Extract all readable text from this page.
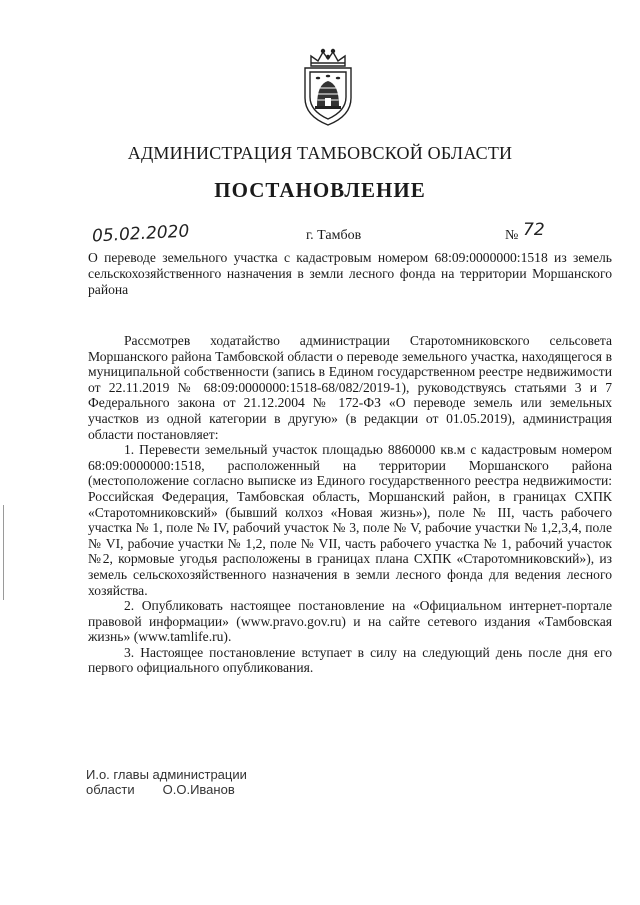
АДМИНИСТРАЦИЯ ТАМБОВСКОЙ ОБЛАСТИ
ПОСТАНОВЛЕНИЕ
05.02.2020	г. Тамбов	№ 72
О переводе земельного участка с кадастровым номером 68:09:0000000:1518 из земель сельскохозяйственного назначения в земли лесного фонда на территории Моршанского района

Рассмотрев ходатайство администрации Старотомниковского сельсовета Моршанского района Тамбовской области о переводе земельного участка, находящегося в муниципальной собственности (запись в Едином государственном реестре недвижимости от 22.11.2019 № 68:09:0000000:1518-68/082/2019-1), руководствуясь статьями 3 и 7 Федерального закона от 21.12.2004 № 172-ФЗ «О переводе земель или земельных участков из одной категории в другую» (в редакции от 01.05.2019), администрация области постановляет:

1. Перевести земельный участок площадью 8860000 кв.м с кадастровым номером 68:09:0000000:1518, расположенный на территории Моршанского района (местоположение согласно выписке из Единого государственного реестра недвижимости: Российская Федерация, Тамбовская область, Моршанский район, в границах СХПК «Старотомниковский» (бывший колхоз «Новая жизнь»), поле № III, часть рабочего участка № 1, поле № IV, рабочий участок № 3, поле № V, рабочие участки № 1,2,3,4, поле № VI, рабочие участки № 1,2, поле № VII, часть рабочего участка № 1, рабочий участок №2, кормовые угодья расположены в границах плана СХПК «Старотомниковский»), из земель сельскохозяйственного назначения в земли лесного фонда для ведения лесного хозяйства.

2. Опубликовать настоящее постановление на «Официальном интернет-портале правовой информации» (www.pravo.gov.ru) и на сайте сетевого издания «Тамбовская жизнь» (www.tamlife.ru).

3. Настоящее постановление вступает в силу на следующий день после дня его первого официального опубликования.

И.о. главы администрации
области О.О.Иванов
